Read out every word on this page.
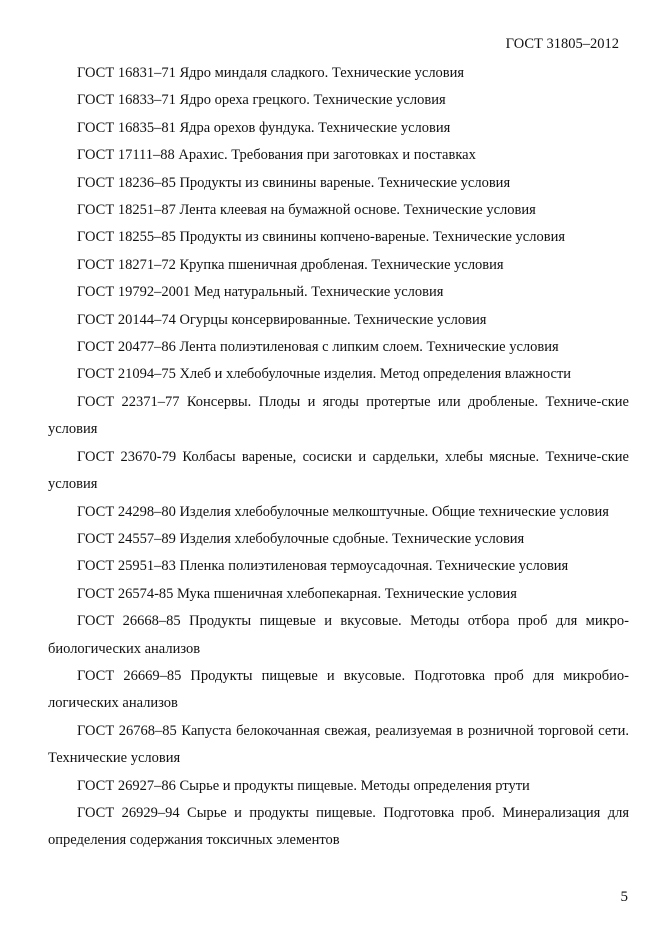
ГОСТ 31805–2012
ГОСТ 16831–71 Ядро миндаля сладкого. Технические условия
ГОСТ 16833–71 Ядро ореха грецкого. Технические условия
ГОСТ 16835–81 Ядра орехов фундука. Технические условия
ГОСТ 17111–88 Арахис. Требования при заготовках и поставках
ГОСТ 18236–85 Продукты из свинины вареные. Технические условия
ГОСТ 18251–87 Лента клеевая на бумажной основе. Технические условия
ГОСТ 18255–85 Продукты из свинины копчено-вареные. Технические условия
ГОСТ 18271–72 Крупка пшеничная дробленая. Технические условия
ГОСТ 19792–2001 Мед натуральный. Технические условия
ГОСТ 20144–74 Огурцы консервированные. Технические условия
ГОСТ 20477–86 Лента полиэтиленовая с липким слоем. Технические условия
ГОСТ 21094–75 Хлеб и хлебобулочные изделия. Метод определения влажности
ГОСТ 22371–77 Консервы. Плоды и ягоды протертые или дробленые. Техниче-ские условия
ГОСТ 23670-79 Колбасы вареные, сосиски и сардельки, хлебы мясные. Техниче-ские условия
ГОСТ 24298–80 Изделия хлебобулочные мелкоштучные. Общие технические условия
ГОСТ 24557–89 Изделия хлебобулочные сдобные. Технические условия
ГОСТ 25951–83 Пленка полиэтиленовая термоусадочная. Технические условия
ГОСТ 26574-85 Мука пшеничная хлебопекарная. Технические условия
ГОСТ 26668–85 Продукты пищевые и вкусовые. Методы отбора проб для микро-биологических анализов
ГОСТ 26669–85 Продукты пищевые и вкусовые. Подготовка проб для микробио-логических анализов
ГОСТ 26768–85 Капуста белокочанная свежая, реализуемая в розничной торговой сети. Технические условия
ГОСТ 26927–86 Сырье и продукты пищевые. Методы определения ртути
ГОСТ 26929–94 Сырье и продукты пищевые. Подготовка проб. Минерализация для определения содержания токсичных элементов
5
